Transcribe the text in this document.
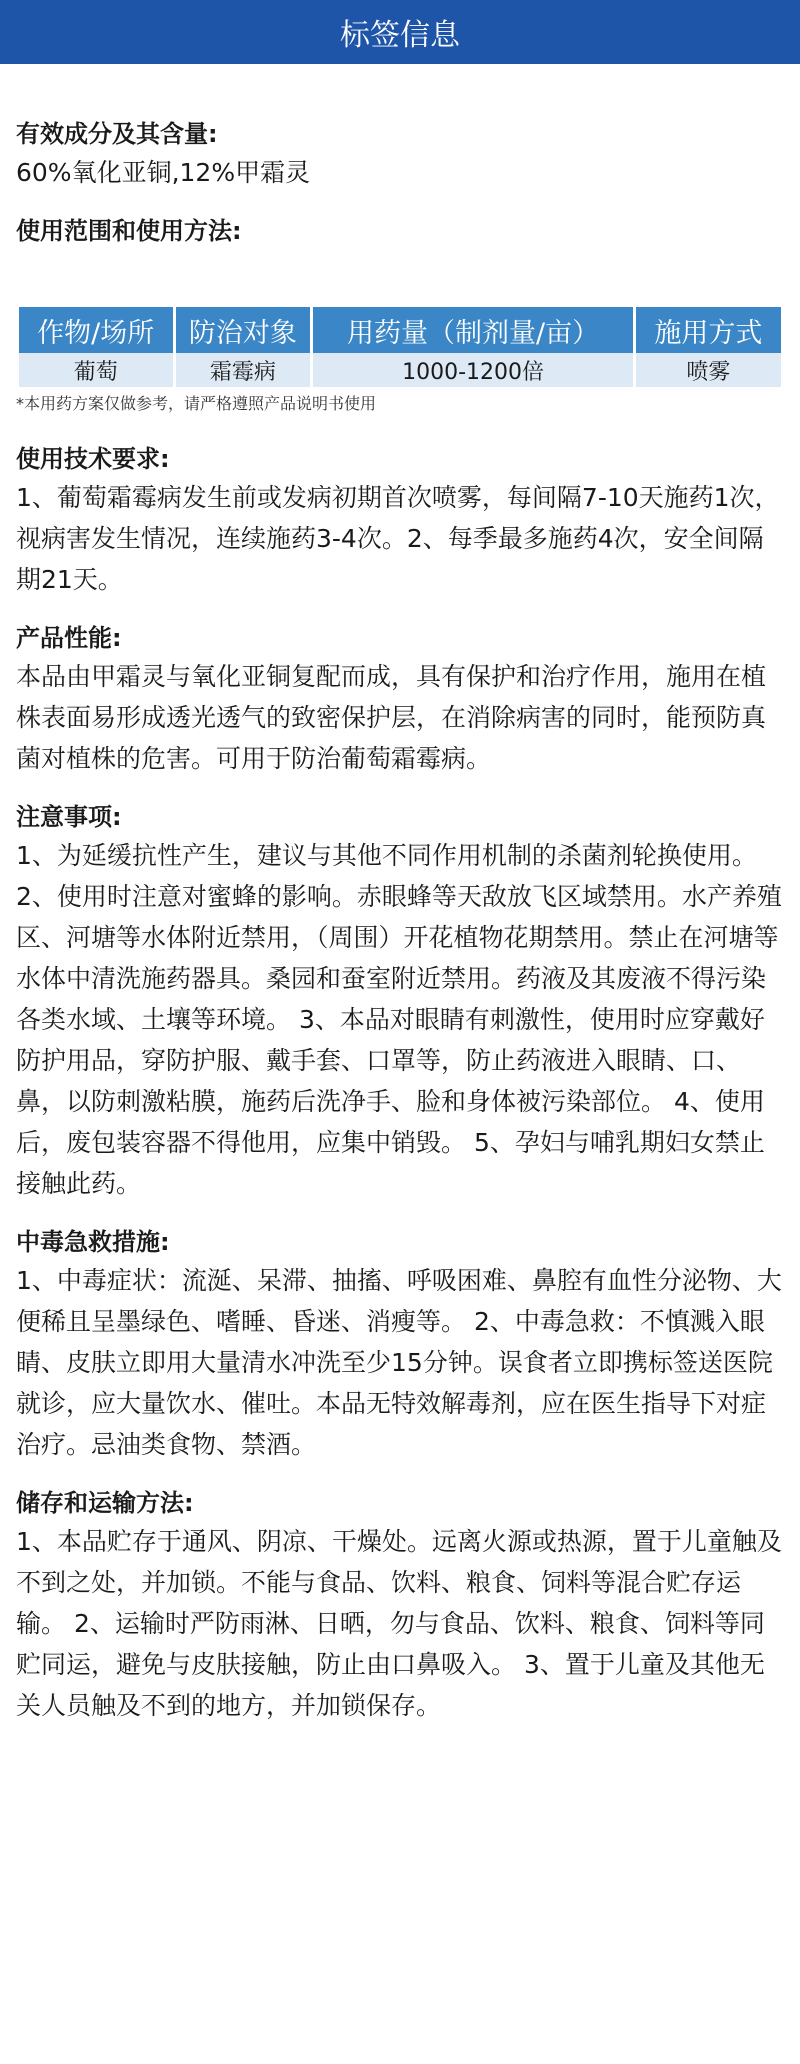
标签信息

有效成分及其含量:

60%氧化亚铜,12%甲霜灵

使用范围和使用方法:

作物/场所	防治对象	用药量（制剂量/亩）	施用方式
葡萄	霜霉病	1000-1200倍	喷雾

*本用药方案仅做参考，请严格遵照产品说明书使用

使用技术要求:

1、葡萄霜霉病发生前或发病初期首次喷雾，每间隔7-10天施药1次，视病害发生情况，连续施药3-4次。2、每季最多施药4次，安全间隔期21天。

产品性能:

本品由甲霜灵与氧化亚铜复配而成，具有保护和治疗作用，施用在植株表面易形成透光透气的致密保护层，在消除病害的同时，能预防真菌对植株的危害。可用于防治葡萄霜霉病。

注意事项:

1、为延缓抗性产生，建议与其他不同作用机制的杀菌剂轮换使用。 2、使用时注意对蜜蜂的影响。赤眼蜂等天敌放飞区域禁用。水产养殖区、河塘等水体附近禁用，（周围）开花植物花期禁用。禁止在河塘等水体中清洗施药器具。桑园和蚕室附近禁用。药液及其废液不得污染各类水域、土壤等环境。 3、本品对眼睛有刺激性，使用时应穿戴好防护用品，穿防护服、戴手套、口罩等，防止药液进入眼睛、口、鼻，以防刺激粘膜，施药后洗净手、脸和身体被污染部位。 4、使用后，废包装容器不得他用，应集中销毁。 5、孕妇与哺乳期妇女禁止接触此药。

中毒急救措施:

1、中毒症状：流涎、呆滞、抽搐、呼吸困难、鼻腔有血性分泌物、大便稀且呈墨绿色、嗜睡、昏迷、消瘦等。 2、中毒急救：不慎溅入眼睛、皮肤立即用大量清水冲洗至少15分钟。误食者立即携标签送医院就诊，应大量饮水、催吐。本品无特效解毒剂，应在医生指导下对症治疗。忌油类食物、禁酒。

储存和运输方法:

1、本品贮存于通风、阴凉、干燥处。远离火源或热源，置于儿童触及不到之处，并加锁。不能与食品、饮料、粮食、饲料等混合贮存运输。 2、运输时严防雨淋、日晒，勿与食品、饮料、粮食、饲料等同贮同运，避免与皮肤接触，防止由口鼻吸入。 3、置于儿童及其他无关人员触及不到的地方，并加锁保存。
